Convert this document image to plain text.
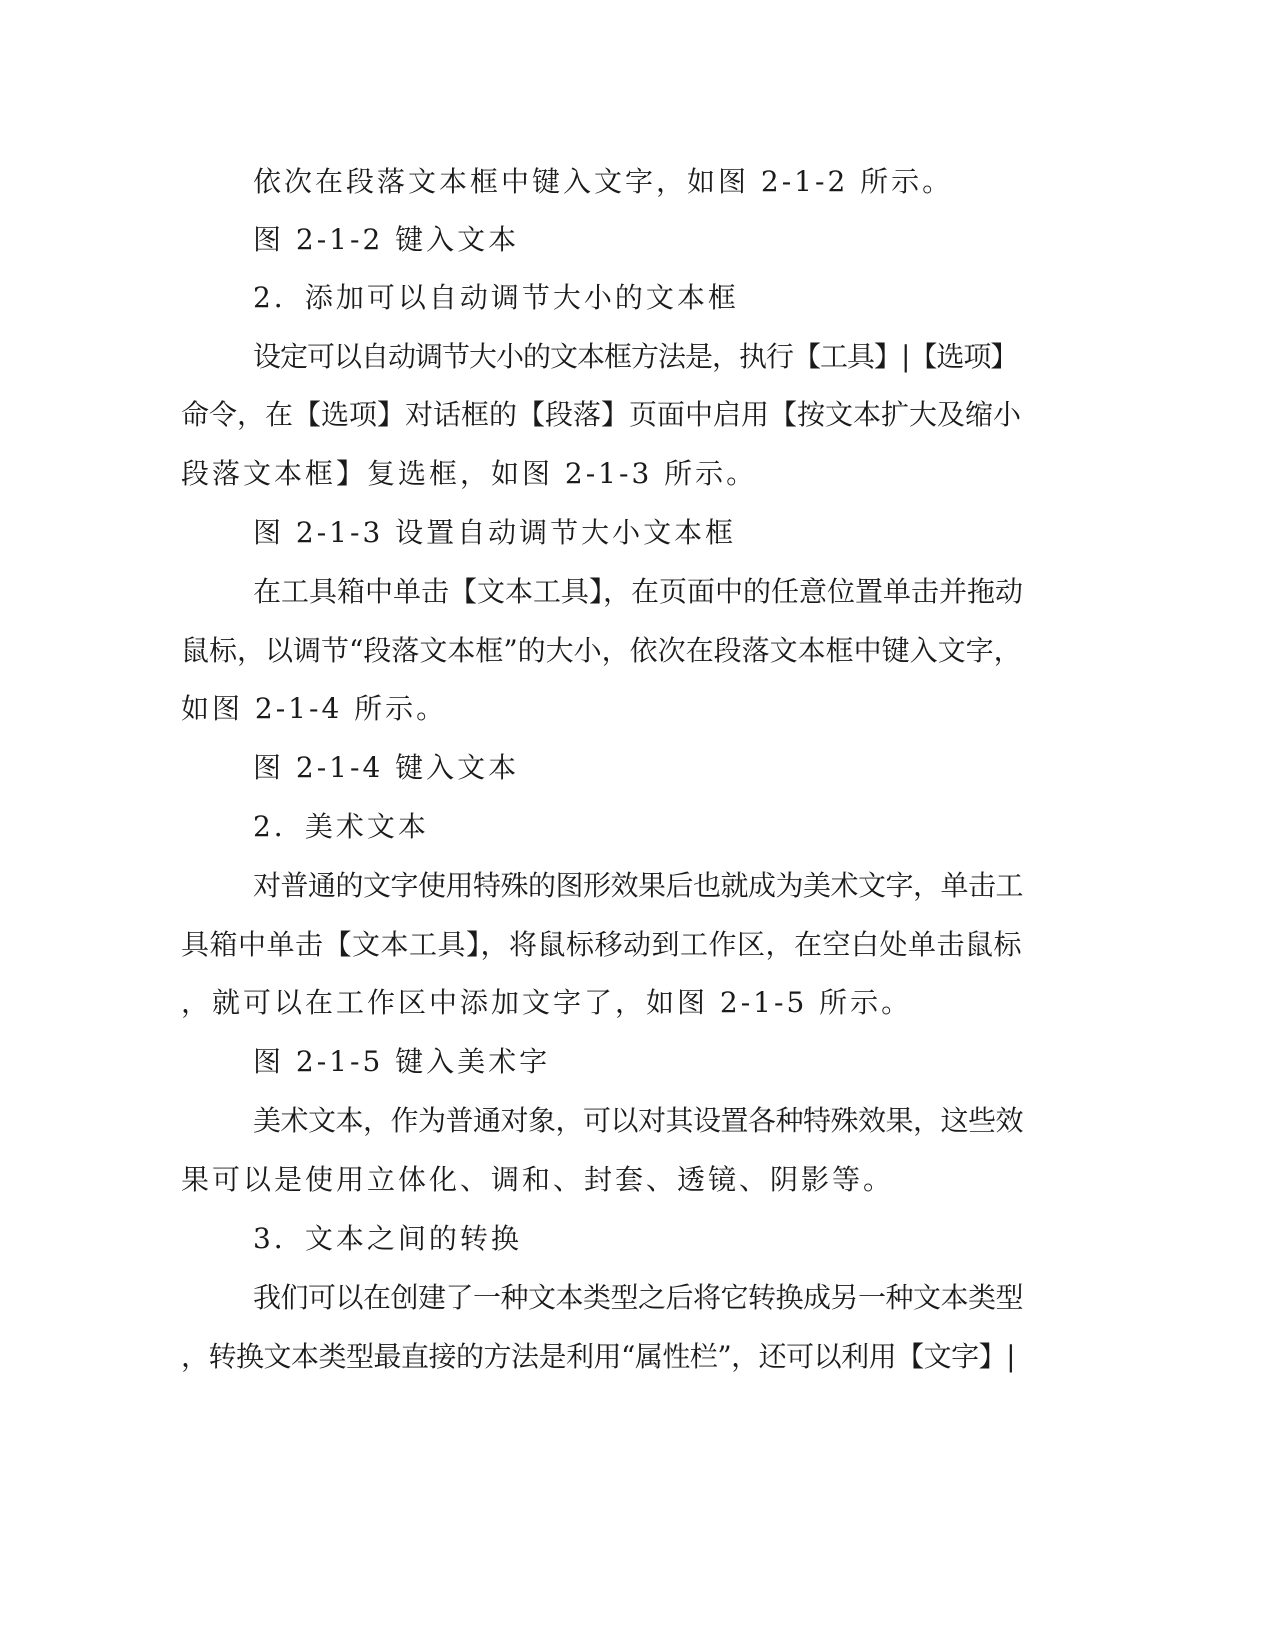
依次在段落文本框中键入文字，如图 2-1-2 所示。
图 2-1-2 键入文本
2．添加可以自动调节大小的文本框
设定可以自动调节大小的文本框方法是，执行【工具】|【选项】
命令，在【选项】对话框的【段落】页面中启用【按文本扩大及缩小
段落文本框】复选框，如图 2-1-3 所示。
图 2-1-3 设置自动调节大小文本框
在工具箱中单击【文本工具】，在页面中的任意位置单击并拖动
鼠标，以调节“段落文本框”的大小，依次在段落文本框中键入文字，
如图 2-1-4 所示。
图 2-1-4 键入文本
2．美术文本
对普通的文字使用特殊的图形效果后也就成为美术文字，单击工
具箱中单击【文本工具】，将鼠标移动到工作区，在空白处单击鼠标
，就可以在工作区中添加文字了，如图 2-1-5 所示。
图 2-1-5 键入美术字
美术文本，作为普通对象，可以对其设置各种特殊效果，这些效
果可以是使用立体化、调和、封套、透镜、阴影等。
3．文本之间的转换
我们可以在创建了一种文本类型之后将它转换成另一种文本类型
，转换文本类型最直接的方法是利用“属性栏”，还可以利用【文字】|
